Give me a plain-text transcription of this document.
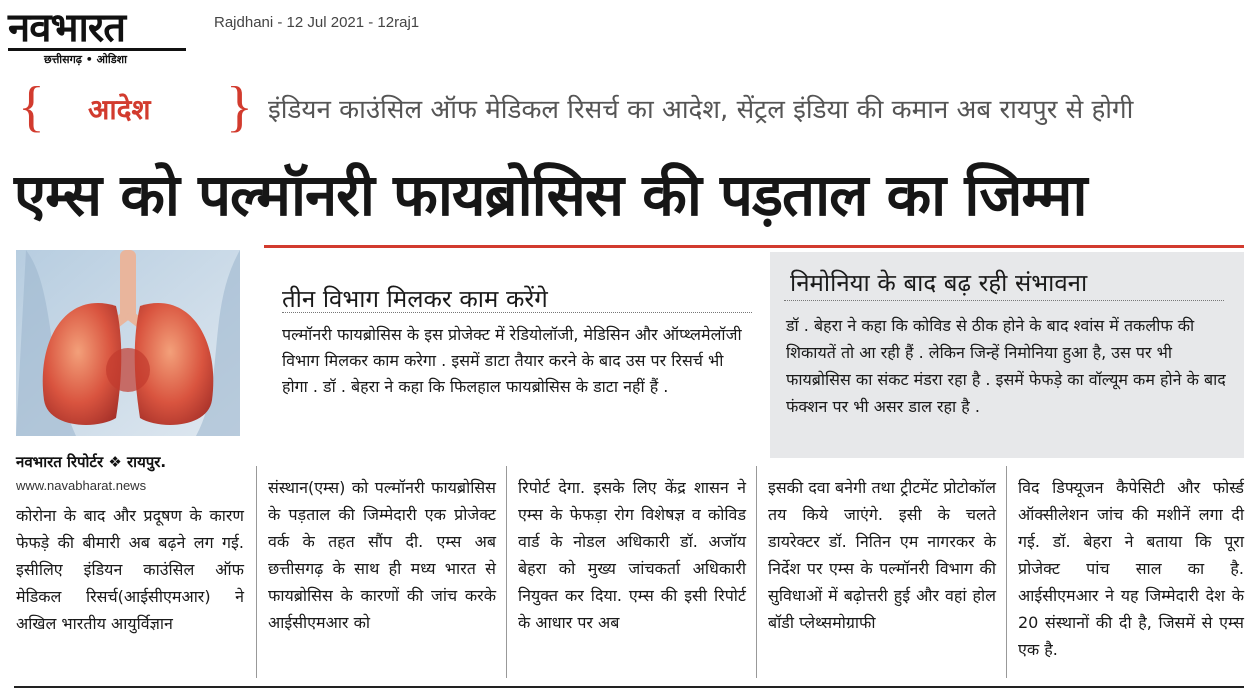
नवभारत
छत्तीसगढ़ • ओडिशा
Rajdhani - 12 Jul 2021 - 12raj1
{ आदेश } इंडियन काउंसिल ऑफ मेडिकल रिसर्च का आदेश, सेंट्रल इंडिया की कमान अब रायपुर से होगी
एम्स को पल्मॉनरी फायब्रोसिस की पड़ताल का जिम्मा
नवभारत रिपोर्टर ❖ रायपुर.
www.navabharat.news
तीन विभाग मिलकर काम करेंगे
पल्मॉनरी फायब्रोसिस के इस प्रोजेक्ट में रेडियोलॉजी, मेडिसिन और ऑप्थ्लमेलॉजी विभाग मिलकर काम करेगा . इसमें डाटा तैयार करने के बाद उस पर रिसर्च भी होगा . डॉ . बेहरा ने कहा कि फिलहाल फायब्रोसिस के डाटा नहीं हैं .
निमोनिया के बाद बढ़ रही संभावना
डॉ . बेहरा ने कहा कि कोविड से ठीक होने के बाद श्वांस में तकलीफ की शिकायतें तो आ रही हैं . लेकिन जिन्हें निमोनिया हुआ है, उस पर भी फायब्रोसिस का संकट मंडरा रहा है . इसमें फेफड़े का वॉल्यूम कम होने के बाद फंक्शन पर भी असर डाल रहा है .
कोरोना के बाद और प्रदूषण के कारण फेफड़े की बीमारी अब बढ़ने लग गई. इसीलिए इंडियन काउंसिल ऑफ मेडिकल रिसर्च(आईसीएमआर) ने अखिल भारतीय आयुर्विज्ञान
संस्थान(एम्स) को पल्मॉनरी फायब्रोसिस के पड़ताल की जिम्मेदारी एक प्रोजेक्ट वर्क के तहत सौंप दी. एम्स अब छत्तीसगढ़ के साथ ही मध्य भारत से फायब्रोसिस के कारणों की जांच करके आईसीएमआर को
रिपोर्ट देगा. इसके लिए केंद्र शासन ने एम्स के फेफड़ा रोग विशेषज्ञ व कोविड वार्ड के नोडल अधिकारी डॉ. अजॉय बेहरा को मुख्य जांचकर्ता अधिकारी नियुक्त कर दिया. एम्स की इसी रिपोर्ट के आधार पर अब
इसकी दवा बनेगी तथा ट्रीटमेंट प्रोटोकॉल तय किये जाएंगे. इसी के चलते डायरेक्टर डॉ. नितिन एम नागरकर के निर्देश पर एम्स के पल्मॉनरी विभाग की सुविधाओं में बढ़ोत्तरी हुई और वहां होल बॉडी प्लेथ्समोग्राफी
विद डिफ्यूजन कैपेसिटी और फोर्स्ड ऑक्सीलेशन जांच की मशीनें लगा दी गई. डॉ. बेहरा ने बताया कि पूरा प्रोजेक्ट पांच साल का है. आईसीएमआर ने यह जिम्मेदारी देश के 20 संस्थानों की दी है, जिसमें से एम्स एक है.
